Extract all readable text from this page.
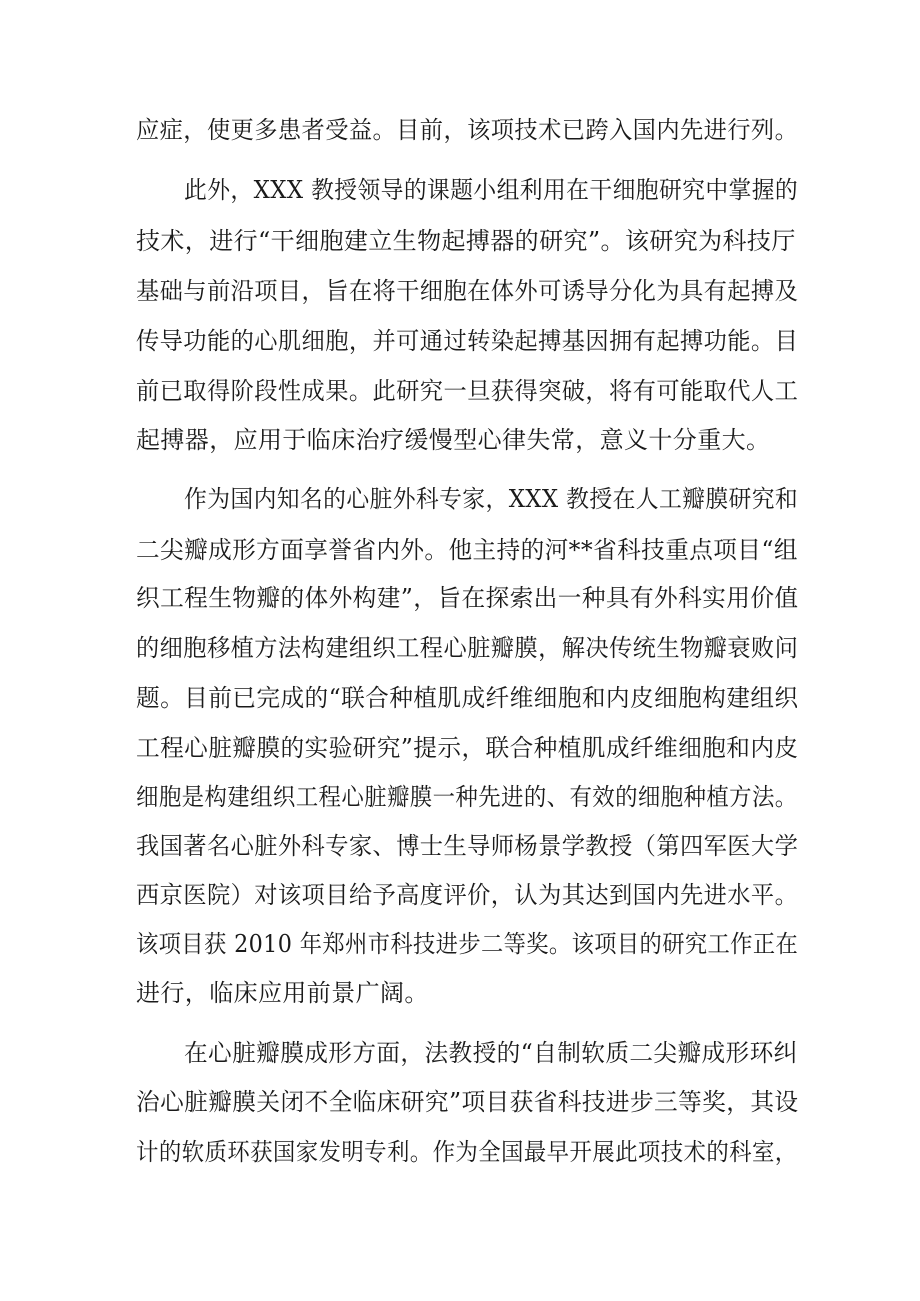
应症，使更多患者受益。目前，该项技术已跨入国内先进行列。
此外，XXX 教授领导的课题小组利用在干细胞研究中掌握的
技术，进行“干细胞建立生物起搏器的研究”。该研究为科技厅
基础与前沿项目，旨在将干细胞在体外可诱导分化为具有起搏及
传导功能的心肌细胞，并可通过转染起搏基因拥有起搏功能。目
前已取得阶段性成果。此研究一旦获得突破，将有可能取代人工
起搏器，应用于临床治疗缓慢型心律失常，意义十分重大。
作为国内知名的心脏外科专家，XXX 教授在人工瓣膜研究和
二尖瓣成形方面享誉省内外。他主持的河**省科技重点项目“组
织工程生物瓣的体外构建”，旨在探索出一种具有外科实用价值
的细胞移植方法构建组织工程心脏瓣膜，解决传统生物瓣衰败问
题。目前已完成的“联合种植肌成纤维细胞和内皮细胞构建组织
工程心脏瓣膜的实验研究”提示，联合种植肌成纤维细胞和内皮
细胞是构建组织工程心脏瓣膜一种先进的、有效的细胞种植方法。
我国著名心脏外科专家、博士生导师杨景学教授（第四军医大学
西京医院）对该项目给予高度评价，认为其达到国内先进水平。
该项目获 2010 年郑州市科技进步二等奖。该项目的研究工作正在
进行，临床应用前景广阔。
在心脏瓣膜成形方面，法教授的“自制软质二尖瓣成形环纠
治心脏瓣膜关闭不全临床研究”项目获省科技进步三等奖，其设
计的软质环获国家发明专利。作为全国最早开展此项技术的科室，
